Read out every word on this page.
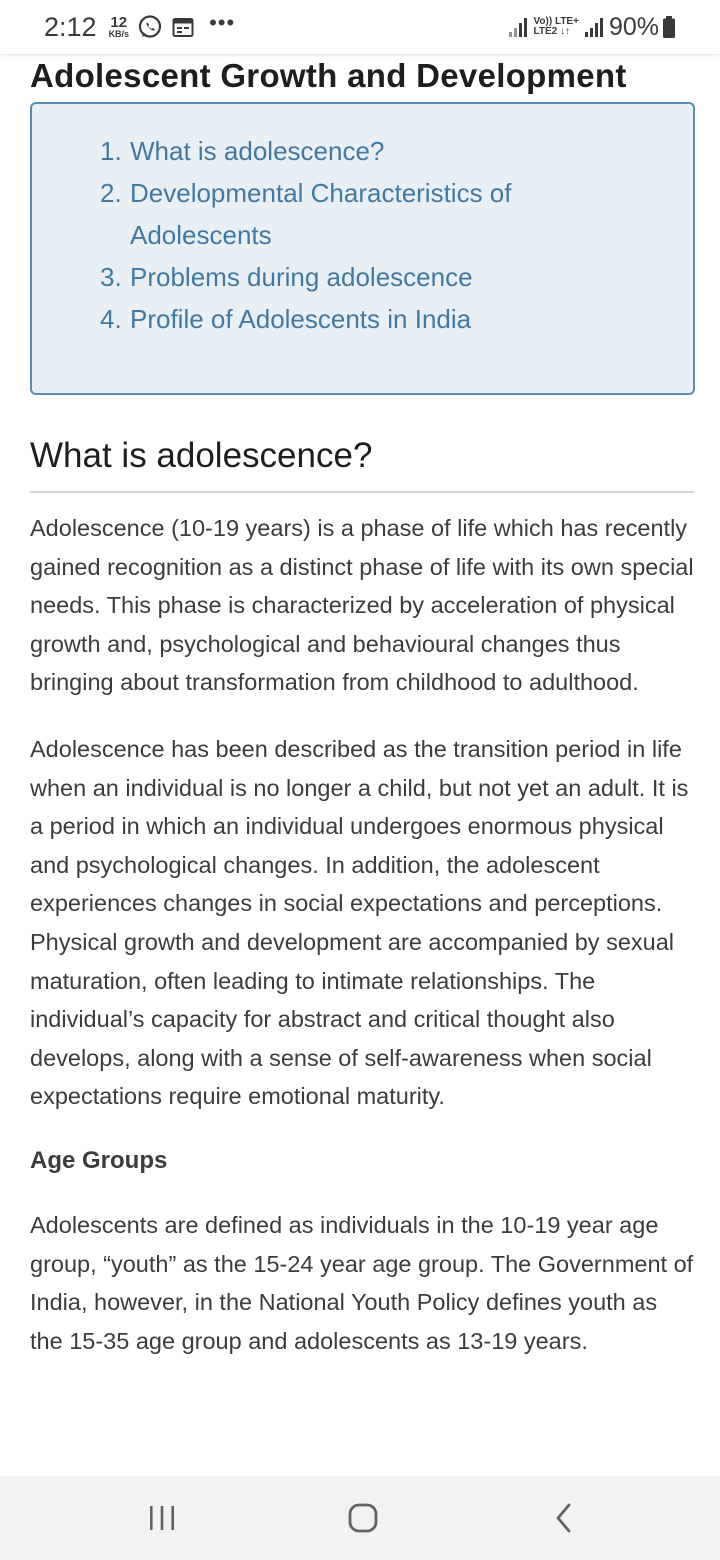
2:12 12
KB/s	•••	Vo)) LTE+
LTE2 ↓↑ 90%
Adolescent Growth and Development
1. What is adolescence?
2. Developmental Characteristics of Adolescents
3. Problems during adolescence
4. Profile of Adolescents in India
What is adolescence?

Adolescence (10-19 years) is a phase of life which has recently gained recognition as a distinct phase of life with its own special needs. This phase is characterized by acceleration of physical growth and, psychological and behavioural changes thus bringing about transformation from childhood to adulthood.

Adolescence has been described as the transition period in life when an individual is no longer a child, but not yet an adult. It is a period in which an individual undergoes enormous physical and psychological changes. In addition, the adolescent experiences changes in social expectations and perceptions. Physical growth and development are accompanied by sexual maturation, often leading to intimate relationships. The individual’s capacity for abstract and critical thought also develops, along with a sense of self-awareness when social expectations require emotional maturity.

Age Groups

Adolescents are defined as individuals in the 10-19 year age group, “youth” as the 15-24 year age group. The Government of India, however, in the National Youth Policy defines youth as the 15-35 age group and adolescents as 13-19 years.
